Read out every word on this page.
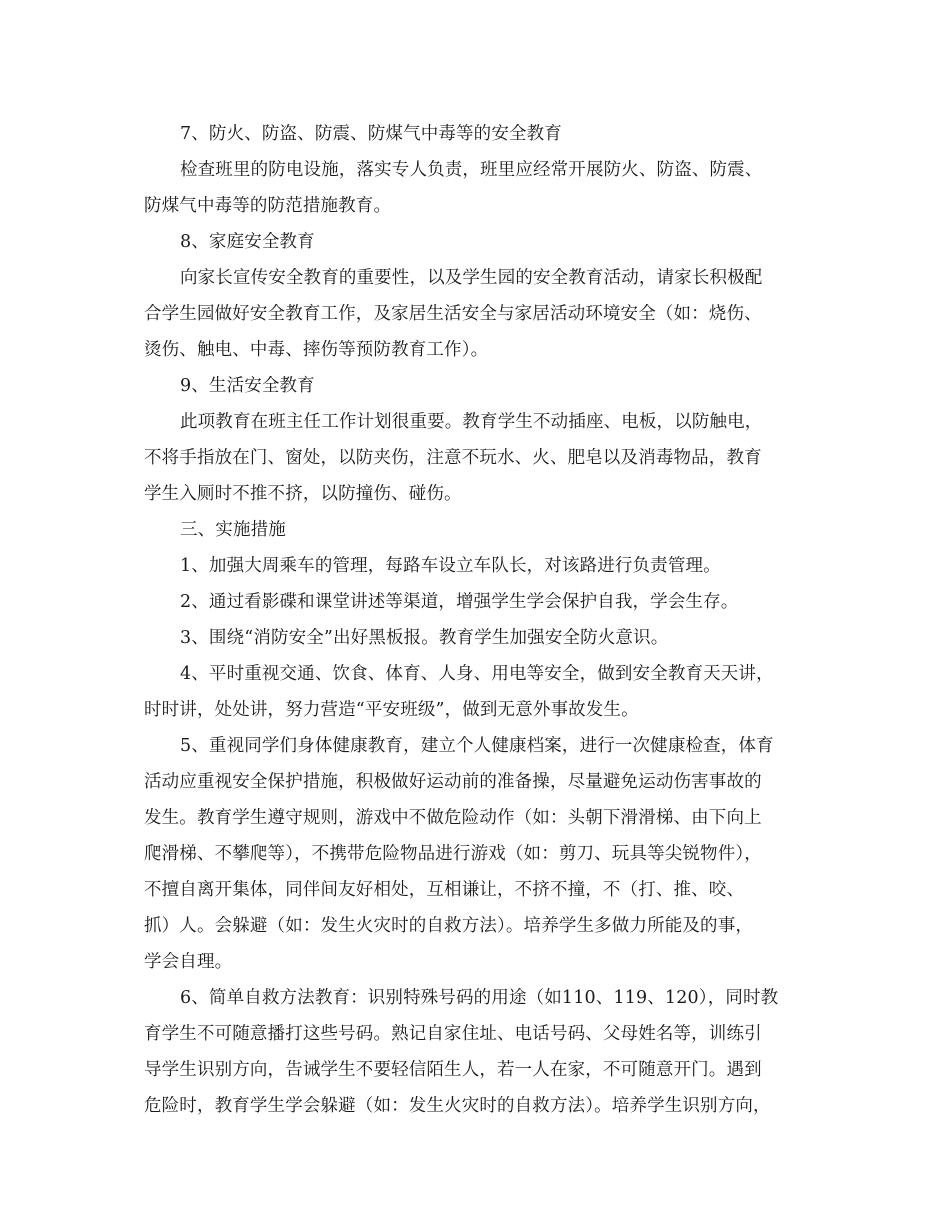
7、防火、防盗、防震、防煤气中毒等的安全教育
检查班里的防电设施，落实专人负责，班里应经常开展防火、防盗、防震、
防煤气中毒等的防范措施教育。
8、家庭安全教育
向家长宣传安全教育的重要性，以及学生园的安全教育活动，请家长积极配
合学生园做好安全教育工作，及家居生活安全与家居活动环境安全（如：烧伤、
烫伤、触电、中毒、摔伤等预防教育工作）。
9、生活安全教育
此项教育在班主任工作计划很重要。教育学生不动插座、电板，以防触电，
不将手指放在门、窗处，以防夹伤，注意不玩水、火、肥皂以及消毒物品，教育
学生入厕时不推不挤，以防撞伤、碰伤。
三、实施措施
1、加强大周乘车的管理，每路车设立车队长，对该路进行负责管理。
2、通过看影碟和课堂讲述等渠道，增强学生学会保护自我，学会生存。
3、围绕“消防安全”出好黑板报。教育学生加强安全防火意识。
4、平时重视交通、饮食、体育、人身、用电等安全，做到安全教育天天讲，
时时讲，处处讲，努力营造“平安班级”，做到无意外事故发生。
5、重视同学们身体健康教育，建立个人健康档案，进行一次健康检查，体育
活动应重视安全保护措施，积极做好运动前的准备操，尽量避免运动伤害事故的
发生。教育学生遵守规则，游戏中不做危险动作（如：头朝下滑滑梯、由下向上
爬滑梯、不攀爬等），不携带危险物品进行游戏（如：剪刀、玩具等尖锐物件），
不擅自离开集体，同伴间友好相处，互相谦让，不挤不撞，不（打、推、咬、
抓）人。会躲避（如：发生火灾时的自救方法）。培养学生多做力所能及的事，
学会自理。
6、简单自救方法教育：识别特殊号码的用途（如110、119、120），同时教
育学生不可随意播打这些号码。熟记自家住址、电话号码、父母姓名等，训练引
导学生识别方向，告诫学生不要轻信陌生人，若一人在家，不可随意开门。遇到
危险时，教育学生学会躲避（如：发生火灾时的自救方法）。培养学生识别方向，
